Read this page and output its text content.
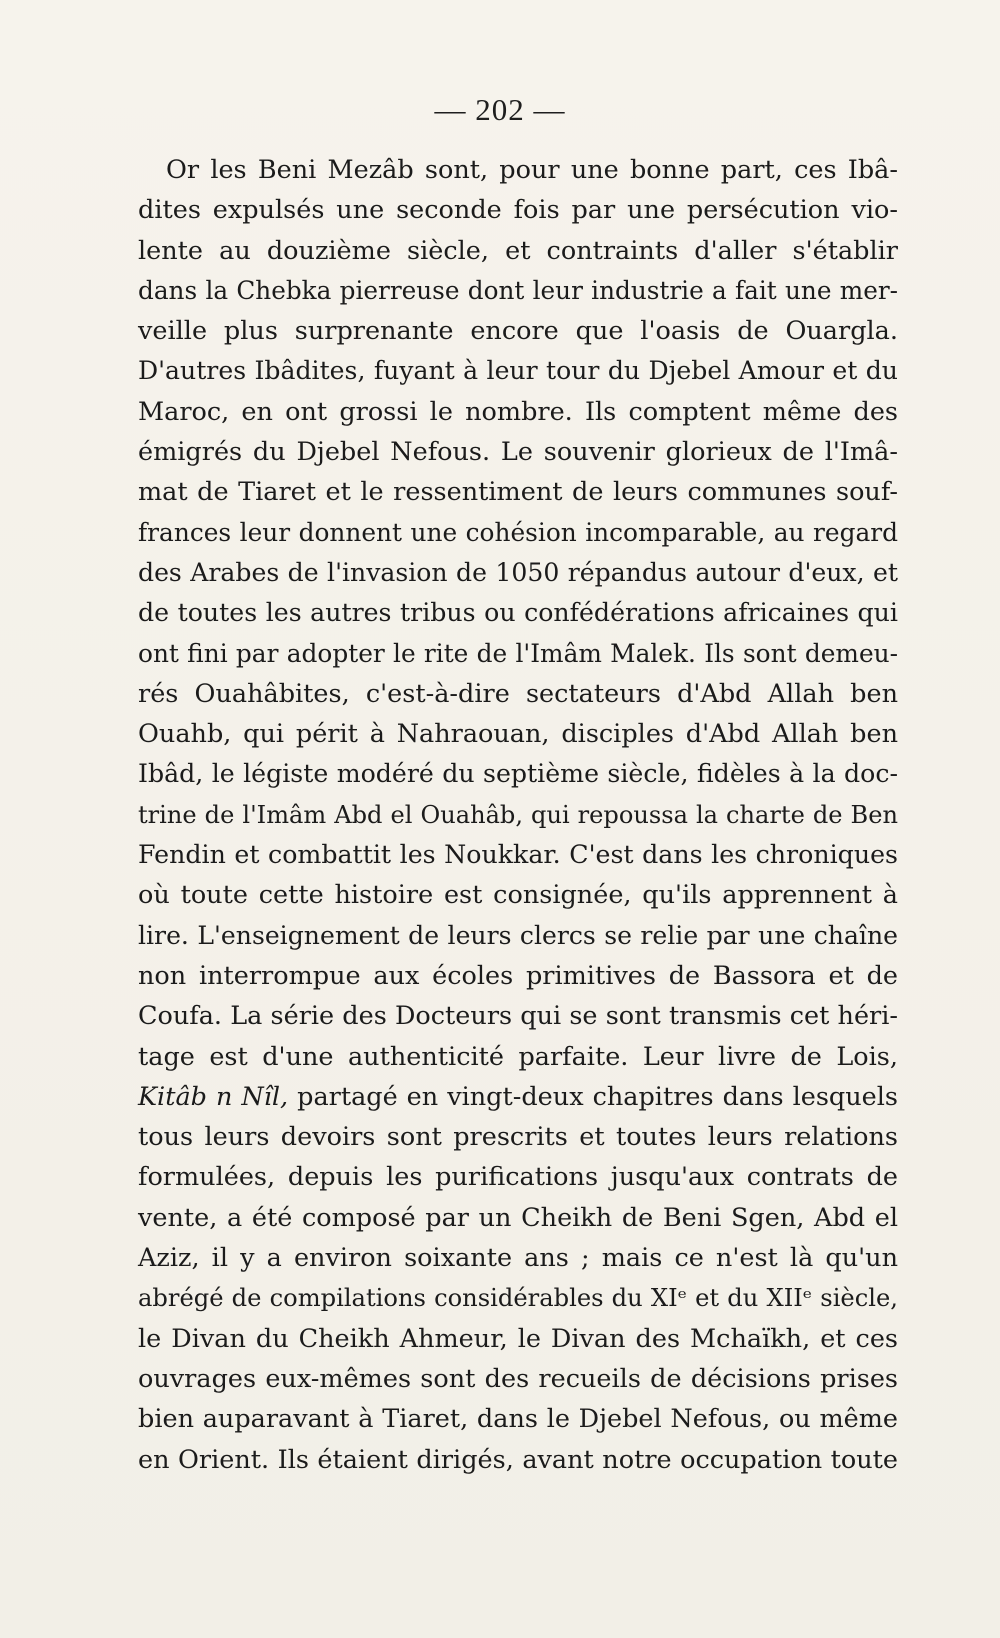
— 202 —
Or les Beni Mezâb sont, pour une bonne part, ces Ibâ-
dites expulsés une seconde fois par une persécution vio-
lente au douzième siècle, et contraints d'aller s'établir
dans la Chebka pierreuse dont leur industrie a fait une mer-
veille plus surprenante encore que l'oasis de Ouargla.
D'autres Ibâdites, fuyant à leur tour du Djebel Amour et du
Maroc, en ont grossi le nombre. Ils comptent même des
émigrés du Djebel Nefous. Le souvenir glorieux de l'Imâ-
mat de Tiaret et le ressentiment de leurs communes souf-
frances leur donnent une cohésion incomparable, au regard
des Arabes de l'invasion de 1050 répandus autour d'eux, et
de toutes les autres tribus ou confédérations africaines qui
ont fini par adopter le rite de l'Imâm Malek. Ils sont demeu-
rés Ouahâbites, c'est-à-dire sectateurs d'Abd Allah ben
Ouahb, qui périt à Nahraouan, disciples d'Abd Allah ben
Ibâd, le légiste modéré du septième siècle, fidèles à la doc-
trine de l'Imâm Abd el Ouahâb, qui repoussa la charte de Ben
Fendin et combattit les Noukkar. C'est dans les chroniques
où toute cette histoire est consignée, qu'ils apprennent à
lire. L'enseignement de leurs clercs se relie par une chaîne
non interrompue aux écoles primitives de Bassora et de
Coufa. La série des Docteurs qui se sont transmis cet héri-
tage est d'une authenticité parfaite. Leur livre de Lois,
Kitâb n Nîl, partagé en vingt-deux chapitres dans lesquels
tous leurs devoirs sont prescrits et toutes leurs relations
formulées, depuis les purifications jusqu'aux contrats de
vente, a été composé par un Cheikh de Beni Sgen, Abd el
Aziz, il y a environ soixante ans ; mais ce n'est là qu'un
abrégé de compilations considérables du XIᵉ et du XIIᵉ siècle,
le Divan du Cheikh Ahmeur, le Divan des Mchaïkh, et ces
ouvrages eux-mêmes sont des recueils de décisions prises
bien auparavant à Tiaret, dans le Djebel Nefous, ou même
en Orient. Ils étaient dirigés, avant notre occupation toute
